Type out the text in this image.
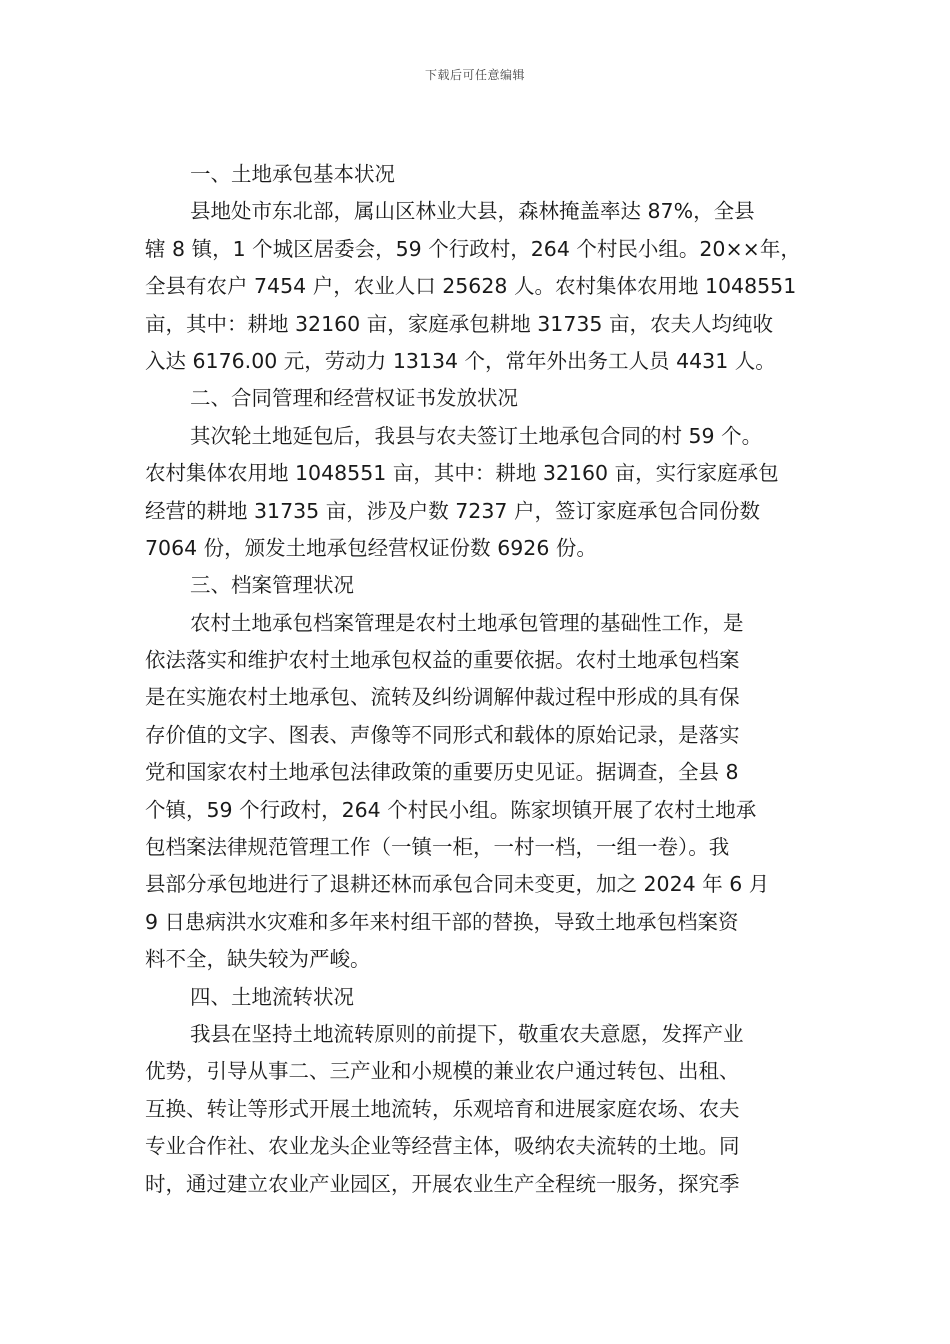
下载后可任意编辑
一、土地承包基本状况
县地处市东北部，属山区林业大县，森林掩盖率达 87%，全县
辖 8 镇，1 个城区居委会，59 个行政村，264 个村民小组。20××年，
全县有农户 7454 户，农业人口 25628 人。农村集体农用地 1048551
亩，其中：耕地 32160 亩，家庭承包耕地 31735 亩，农夫人均纯收
入达 6176.00 元，劳动力 13134 个，常年外出务工人员 4431 人。
二、合同管理和经营权证书发放状况
其次轮土地延包后，我县与农夫签订土地承包合同的村 59 个。
农村集体农用地 1048551 亩，其中：耕地 32160 亩，实行家庭承包
经营的耕地 31735 亩，涉及户数 7237 户，签订家庭承包合同份数
7064 份，颁发土地承包经营权证份数 6926 份。
三、档案管理状况
农村土地承包档案管理是农村土地承包管理的基础性工作，是
依法落实和维护农村土地承包权益的重要依据。农村土地承包档案
是在实施农村土地承包、流转及纠纷调解仲裁过程中形成的具有保
存价值的文字、图表、声像等不同形式和载体的原始记录，是落实
党和国家农村土地承包法律政策的重要历史见证。据调查，全县 8
个镇，59 个行政村，264 个村民小组。陈家坝镇开展了农村土地承
包档案法律规范管理工作（一镇一柜，一村一档，一组一卷）。我
县部分承包地进行了退耕还林而承包合同未变更，加之 2024 年 6 月
9 日患病洪水灾难和多年来村组干部的替换，导致土地承包档案资
料不全，缺失较为严峻。
四、土地流转状况
我县在坚持土地流转原则的前提下，敬重农夫意愿，发挥产业
优势，引导从事二、三产业和小规模的兼业农户通过转包、出租、
互换、转让等形式开展土地流转，乐观培育和进展家庭农场、农夫
专业合作社、农业龙头企业等经营主体，吸纳农夫流转的土地。同
时，通过建立农业产业园区，开展农业生产全程统一服务，探究季
